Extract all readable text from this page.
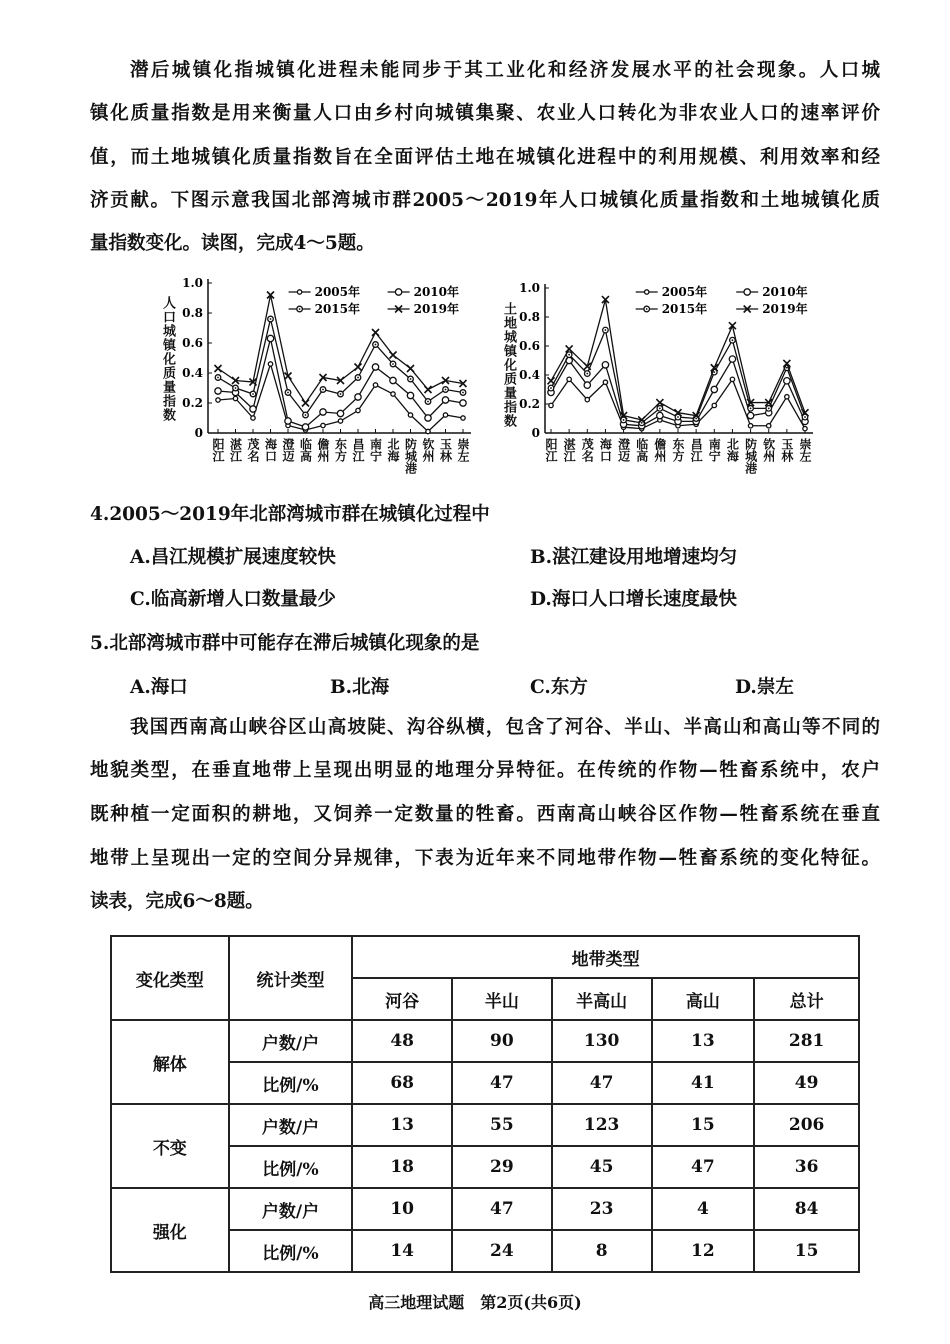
潜后城镇化指城镇化进程未能同步于其工业化和经济发展水平的社会现象。人口城
镇化质量指数是用来衡量人口由乡村向城镇集聚、农业人口转化为非农业人口的速率评价
值，而土地城镇化质量指数旨在全面评估土地在城镇化进程中的利用规模、利用效率和经
济贡献。下图示意我国北部湾城市群2005～2019年人口城镇化质量指数和土地城镇化质
量指数变化。读图，完成4～5题。
人口城镇化质量指数
0
0.2
0.4
0.6
0.8
1.0
2005年	2010年
2015年	2019年
阳江 湛江 茂名 海口 澄迈 临高 儋州 东方 昌江 南宁 北海 防城港 钦州 玉林 崇左
土地城镇化质量指数
0
0.2
0.4
0.6
0.8
1.0	2005年	2010年
2015年	2019年
阳江 湛江 茂名 海口 澄迈 临高 儋州 东方 昌江 南宁 北海 防城港 钦州 玉林 崇左
4.2005～2019年北部湾城市群在城镇化过程中
A.昌江规模扩展速度较快	B.湛江建设用地增速均匀
C.临高新增人口数量最少	D.海口人口增长速度最快
5.北部湾城市群中可能存在滞后城镇化现象的是
A.海口	B.北海	C.东方	D.崇左
我国西南高山峡谷区山高坡陡、沟谷纵横，包含了河谷、半山、半高山和高山等不同的
地貌类型，在垂直地带上呈现出明显的地理分异特征。在传统的作物—牲畜系统中，农户
既种植一定面积的耕地，又饲养一定数量的牲畜。西南高山峡谷区作物—牲畜系统在垂直
地带上呈现出一定的空间分异规律，下表为近年来不同地带作物—牲畜系统的变化特征。
读表，完成6～8题。
变化类型	统计类型	地带类型				
		河谷	半山	半高山	高山	总计
解体	户数/户	48	90	130	13	281
	比例/%	68	47	47	41	49
不变	户数/户	13	55	123	15	206
	比例/%	18	29	45	47	36
强化	户数/户	10	47	23	4	84
	比例/%	14	24	8	12	15
高三地理试题　第2页(共6页)
